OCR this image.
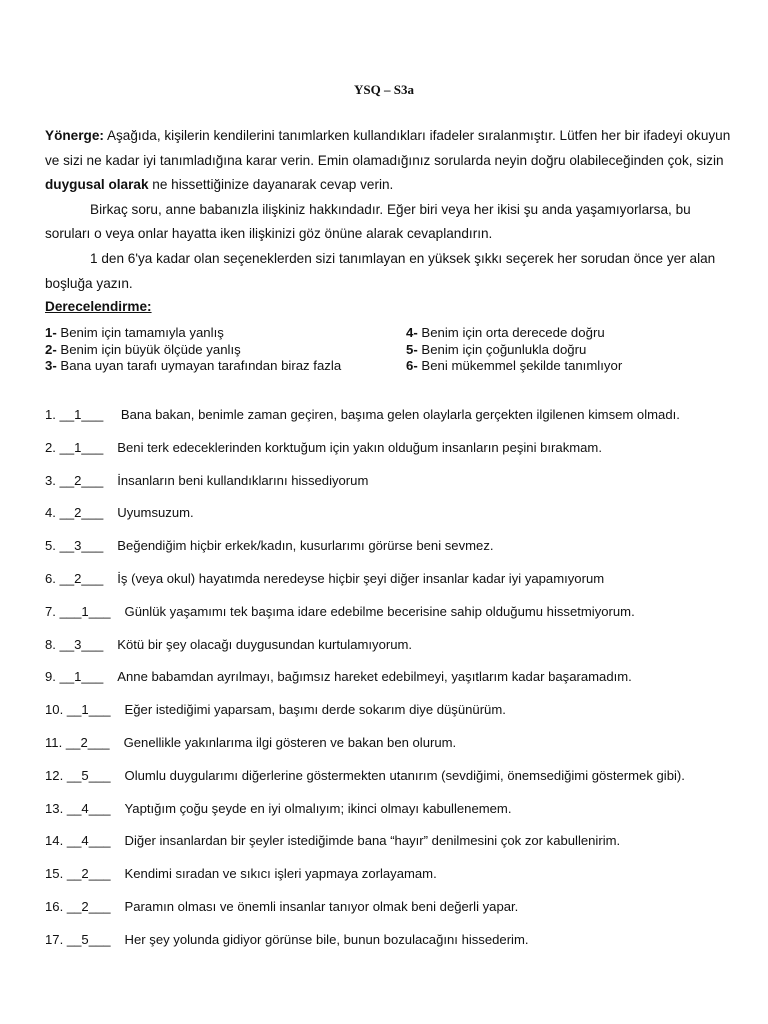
YSQ – S3a

Yönerge: Aşağıda, kişilerin kendilerini tanımlarken kullandıkları ifadeler sıralanmıştır. Lütfen her bir ifadeyi okuyun ve sizi ne kadar iyi tanımladığına karar verin. Emin olamadığınız sorularda neyin doğru olabileceğinden çok, sizin duygusal olarak ne hissettiğinize dayanarak cevap verin.

Birkaç soru, anne babanızla ilişkiniz hakkındadır. Eğer biri veya her ikisi şu anda yaşamıyorlarsa, bu soruları o veya onlar hayatta iken ilişkinizi göz önüne alarak cevaplandırın.

1 den 6'ya kadar olan seçeneklerden sizi tanımlayan en yüksek şıkkı seçerek her sorudan önce yer alan boşluğa yazın.

Derecelendirme:
1- Benim için tamamıyla yanlış
2- Benim için büyük ölçüde yanlış
3- Bana uyan tarafı uymayan tarafından biraz fazla
4- Benim için orta derecede doğru
5- Benim için çoğunlukla doğru
6- Beni mükemmel şekilde tanımlıyor
1. __1___ Bana bakan, benimle zaman geçiren, başıma gelen olaylarla gerçekten ilgilenen kimsem olmadı.
2. __1___ Beni terk edeceklerinden korktuğum için yakın olduğum insanların peşini bırakmam.
3. __2___ İnsanların beni kullandıklarını hissediyorum
4. __2___ Uyumsuzum.
5. __3___ Beğendiğim hiçbir erkek/kadın, kusurlarımı görürse beni sevmez.
6. __2___ İş (veya okul) hayatımda neredeyse hiçbir şeyi diğer insanlar kadar iyi yapamıyorum
7. ___1___ Günlük yaşamımı tek başıma idare edebilme becerisine sahip olduğumu hissetmiyorum.
8. __3___ Kötü bir şey olacağı duygusundan kurtulamıyorum.
9. __1___ Anne babamdan ayrılmayı, bağımsız hareket edebilmeyi, yaşıtlarım kadar başaramadım.
10. __1___ Eğer istediğimi yaparsam, başımı derde sokarım diye düşünürüm.
11. __2___ Genellikle yakınlarıma ilgi gösteren ve bakan ben olurum.
12. __5___ Olumlu duygularımı diğerlerine göstermekten utanırım (sevdiğimi, önemsediğimi göstermek gibi).
13. __4___ Yaptığım çoğu şeyde en iyi olmalıyım; ikinci olmayı kabullenemem.
14. __4___ Diğer insanlardan bir şeyler istediğimde bana “hayır” denilmesini çok zor kabullenirim.
15. __2___ Kendimi sıradan ve sıkıcı işleri yapmaya zorlayamam.
16. __2___ Paramın olması ve önemli insanlar tanıyor olmak beni değerli yapar.
17. __5___ Her şey yolunda gidiyor görünse bile, bunun bozulacağını hissederim.
